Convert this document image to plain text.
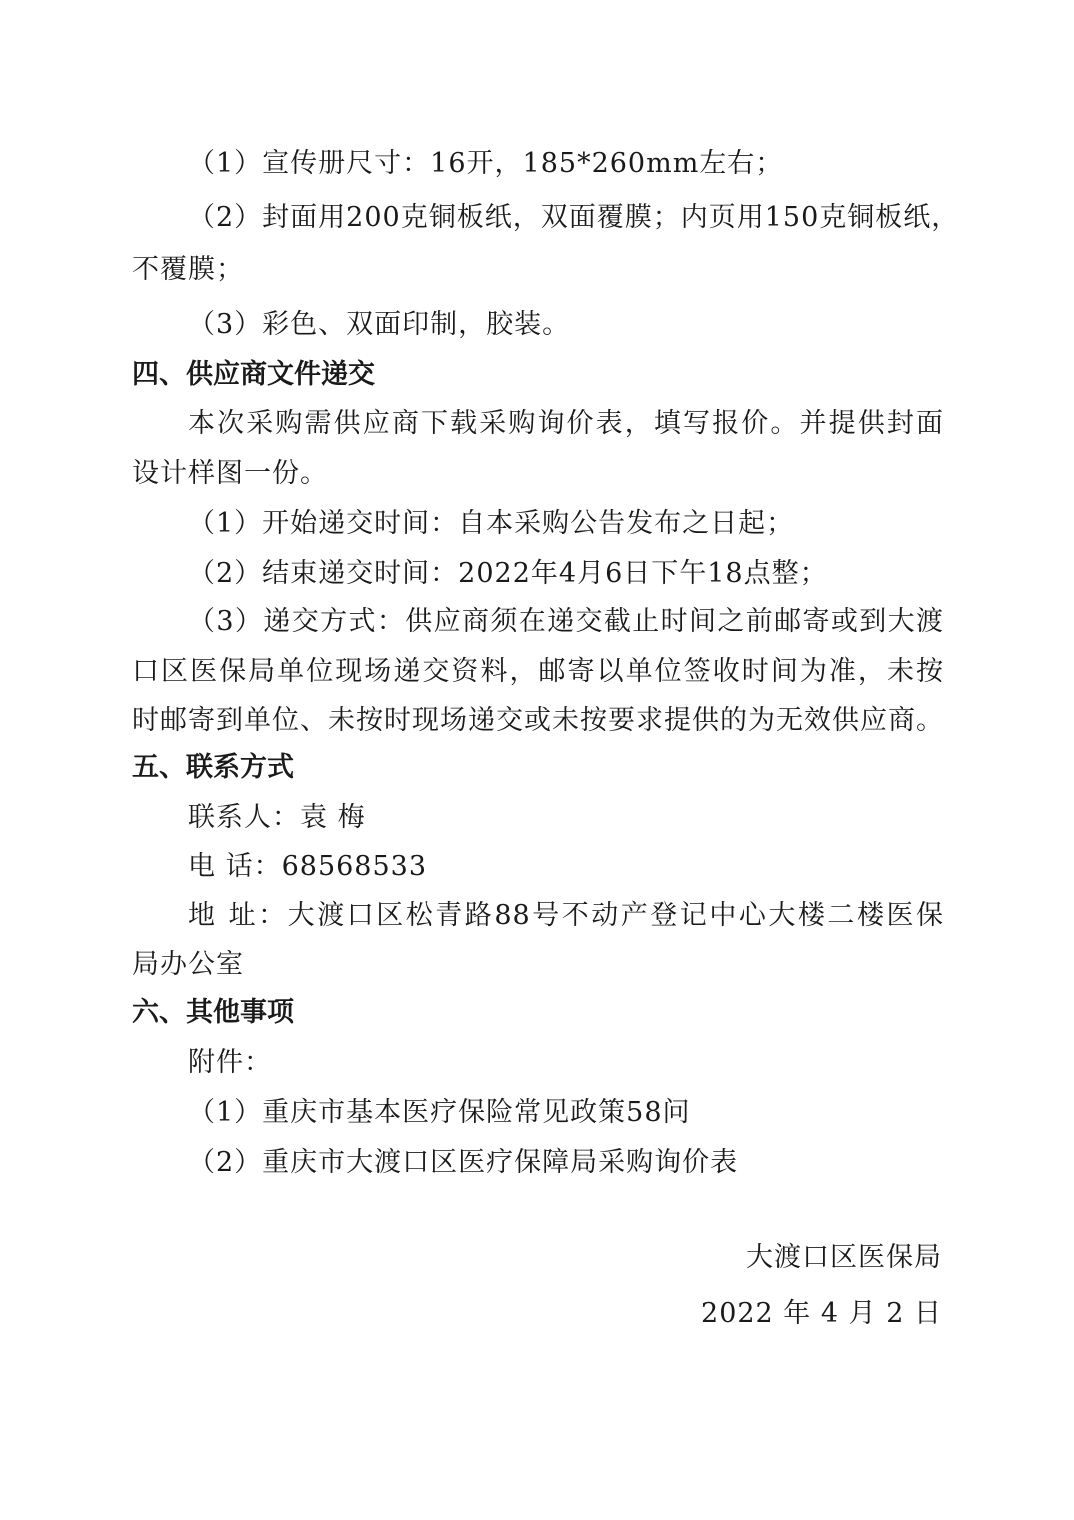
（1）宣传册尺寸：16开，185*260mm左右；
（2）封面用200克铜板纸，双面覆膜；内页用150克铜板纸，
不覆膜；
（3）彩色、双面印制，胶装。
四、供应商文件递交
本次采购需供应商下载采购询价表，填写报价。并提供封面
设计样图一份。
（1）开始递交时间：自本采购公告发布之日起；
（2）结束递交时间：2022年4月6日下午18点整；
（3）递交方式：供应商须在递交截止时间之前邮寄或到大渡
口区医保局单位现场递交资料，邮寄以单位签收时间为准，未按
时邮寄到单位、未按时现场递交或未按要求提供的为无效供应商。
五、联系方式
联系人：袁 梅
电 话：68568533
地 址：大渡口区松青路88号不动产登记中心大楼二楼医保
局办公室
六、其他事项
附件：
（1）重庆市基本医疗保险常见政策58问
（2）重庆市大渡口区医疗保障局采购询价表
大渡口区医保局
2022 年 4 月 2 日
